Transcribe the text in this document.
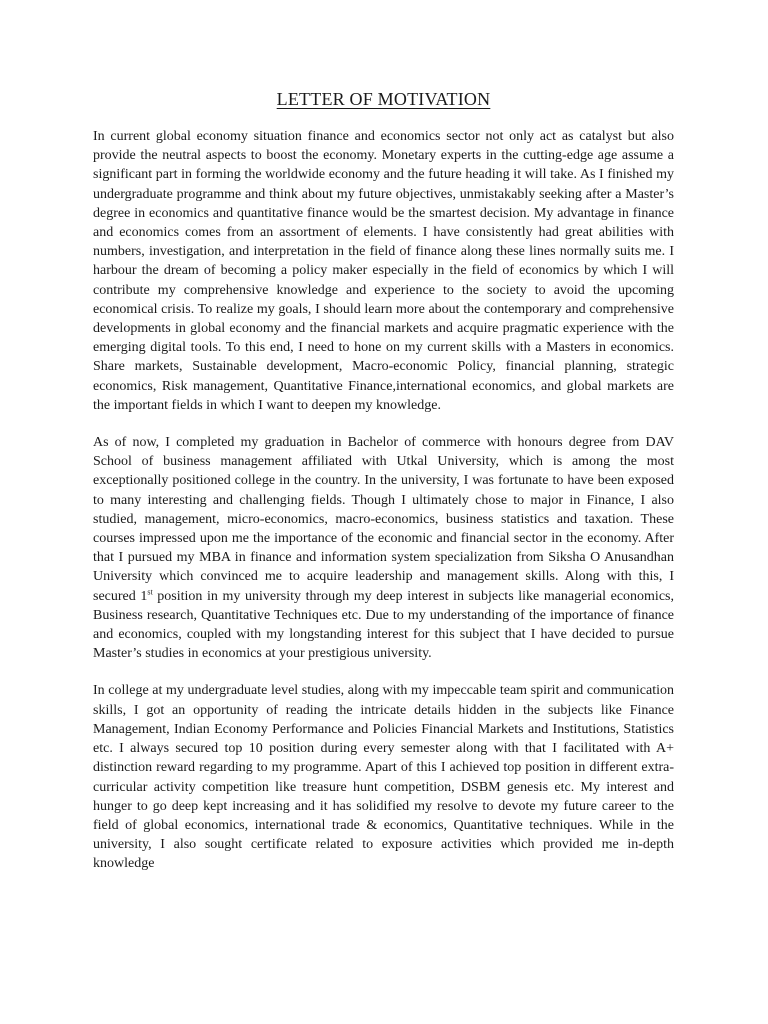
LETTER OF MOTIVATION

In current global economy situation finance and economics sector not only act as catalyst but also provide the neutral aspects to boost the economy. Monetary experts in the cutting-edge age assume a significant part in forming the worldwide economy and the future heading it will take. As I finished my undergraduate programme and think about my future objectives, unmistakably seeking after a Master’s degree in economics and quantitative finance would be the smartest decision. My advantage in finance and economics comes from an assortment of elements. I have consistently had great abilities with numbers, investigation, and interpretation in the field of finance along these lines normally suits me. I harbour the dream of becoming a policy maker especially in the field of economics by which I will contribute my comprehensive knowledge and experience to the society to avoid the upcoming economical crisis. To realize my goals, I should learn more about the contemporary and comprehensive developments in global economy and the financial markets and acquire pragmatic experience with the emerging digital tools. To this end, I need to hone on my current skills with a Masters in economics. Share markets, Sustainable development, Macro-economic Policy, financial planning, strategic economics, Risk management, Quantitative Finance,international economics, and global markets are the important fields in which I want to deepen my knowledge.

As of now, I completed my graduation in Bachelor of commerce with honours degree from DAV School of business management affiliated with Utkal University, which is among the most exceptionally positioned college in the country. In the university, I was fortunate to have been exposed to many interesting and challenging fields. Though I ultimately chose to major in Finance, I also studied, management, micro-economics, macro-economics, business statistics and taxation. These courses impressed upon me the importance of the economic and financial sector in the economy. After that I pursued my MBA in finance and information system specialization from Siksha O Anusandhan University which convinced me to acquire leadership and management skills. Along with this, I secured 1st position in my university through my deep interest in subjects like managerial economics, Business research, Quantitative Techniques etc. Due to my understanding of the importance of finance and economics, coupled with my longstanding interest for this subject that I have decided to pursue Master’s studies in economics at your prestigious university.

In college at my undergraduate level studies, along with my impeccable team spirit and communication skills, I got an opportunity of reading the intricate details hidden in the subjects like Finance Management, Indian Economy Performance and Policies Financial Markets and Institutions, Statistics etc. I always secured top 10 position during every semester along with that I facilitated with A+ distinction reward regarding to my programme. Apart of this I achieved top position in different extra-curricular activity competition like treasure hunt competition, DSBM genesis etc. My interest and hunger to go deep kept increasing and it has solidified my resolve to devote my future career to the field of global economics, international trade & economics, Quantitative techniques. While in the university, I also sought certificate related to exposure activities which provided me in-depth knowledge
